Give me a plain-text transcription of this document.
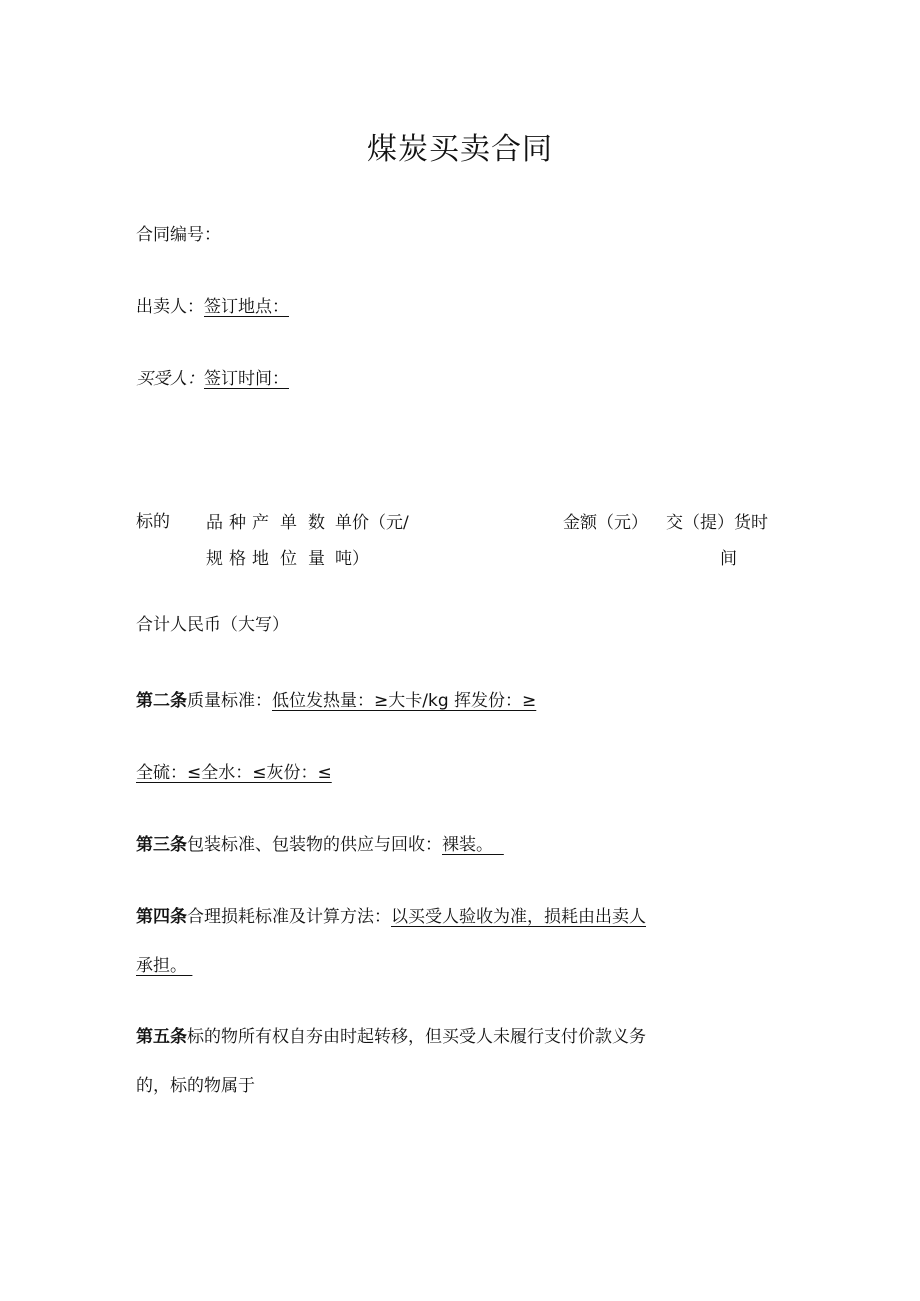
煤炭买卖合同
合同编号：
出卖人：签订地点：
买受人：签订时间：
标的 品种
规格
产
地
单
位
数
量
单价（元/
吨）
金额（元） 交（提）货时
间
合计人民币（大写）
第二条质量标准：低位发热量：≥大卡/kg 挥发份：≥
全硫：≤全水：≤灰份：≤
第三条包装标准、包装物的供应与回收：裸装。
第四条合理损耗标准及计算方法：以买受人验收为准，损耗由出卖人
承担。
第五条标的物所有权自夯由时起转移，但买受人未履行支付价款义务
的，标的物属于
